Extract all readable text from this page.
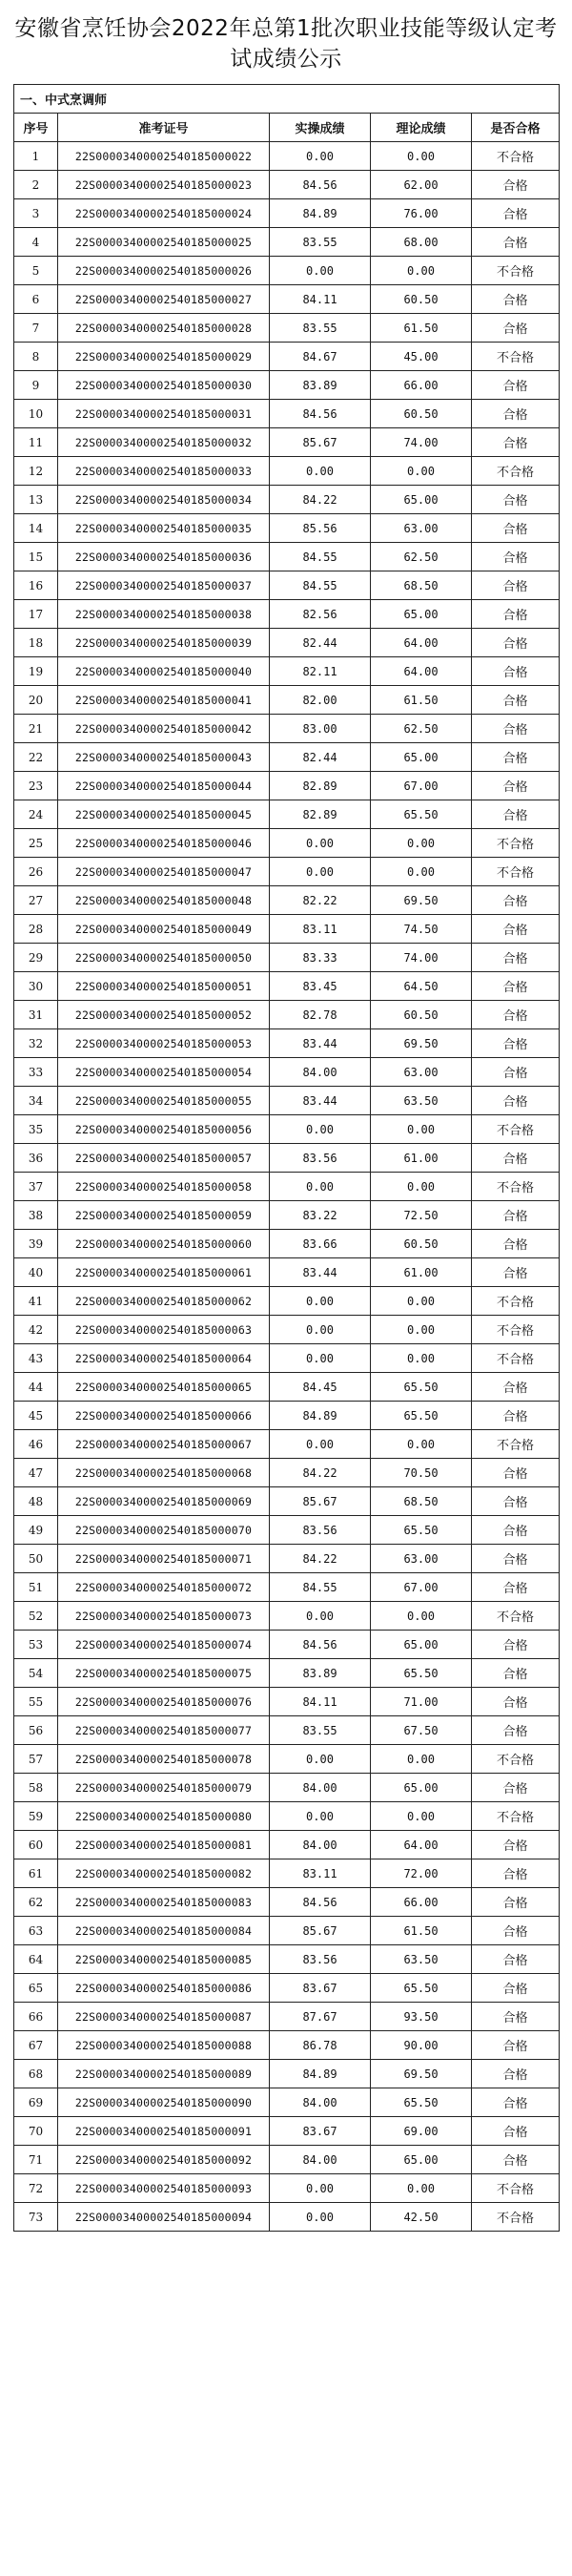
安徽省烹饪协会2022年总第1批次职业技能等级认定考试成绩公示
一、中式烹调师				
序号	准考证号	实操成绩	理论成绩	是否合格
1	22S00003400002540185000022	0.00	0.00	不合格
2	22S00003400002540185000023	84.56	62.00	合格
3	22S00003400002540185000024	84.89	76.00	合格
4	22S00003400002540185000025	83.55	68.00	合格
5	22S00003400002540185000026	0.00	0.00	不合格
6	22S00003400002540185000027	84.11	60.50	合格
7	22S00003400002540185000028	83.55	61.50	合格
8	22S00003400002540185000029	84.67	45.00	不合格
9	22S00003400002540185000030	83.89	66.00	合格
10	22S00003400002540185000031	84.56	60.50	合格
11	22S00003400002540185000032	85.67	74.00	合格
12	22S00003400002540185000033	0.00	0.00	不合格
13	22S00003400002540185000034	84.22	65.00	合格
14	22S00003400002540185000035	85.56	63.00	合格
15	22S00003400002540185000036	84.55	62.50	合格
16	22S00003400002540185000037	84.55	68.50	合格
17	22S00003400002540185000038	82.56	65.00	合格
18	22S00003400002540185000039	82.44	64.00	合格
19	22S00003400002540185000040	82.11	64.00	合格
20	22S00003400002540185000041	82.00	61.50	合格
21	22S00003400002540185000042	83.00	62.50	合格
22	22S00003400002540185000043	82.44	65.00	合格
23	22S00003400002540185000044	82.89	67.00	合格
24	22S00003400002540185000045	82.89	65.50	合格
25	22S00003400002540185000046	0.00	0.00	不合格
26	22S00003400002540185000047	0.00	0.00	不合格
27	22S00003400002540185000048	82.22	69.50	合格
28	22S00003400002540185000049	83.11	74.50	合格
29	22S00003400002540185000050	83.33	74.00	合格
30	22S00003400002540185000051	83.45	64.50	合格
31	22S00003400002540185000052	82.78	60.50	合格
32	22S00003400002540185000053	83.44	69.50	合格
33	22S00003400002540185000054	84.00	63.00	合格
34	22S00003400002540185000055	83.44	63.50	合格
35	22S00003400002540185000056	0.00	0.00	不合格
36	22S00003400002540185000057	83.56	61.00	合格
37	22S00003400002540185000058	0.00	0.00	不合格
38	22S00003400002540185000059	83.22	72.50	合格
39	22S00003400002540185000060	83.66	60.50	合格
40	22S00003400002540185000061	83.44	61.00	合格
41	22S00003400002540185000062	0.00	0.00	不合格
42	22S00003400002540185000063	0.00	0.00	不合格
43	22S00003400002540185000064	0.00	0.00	不合格
44	22S00003400002540185000065	84.45	65.50	合格
45	22S00003400002540185000066	84.89	65.50	合格
46	22S00003400002540185000067	0.00	0.00	不合格
47	22S00003400002540185000068	84.22	70.50	合格
48	22S00003400002540185000069	85.67	68.50	合格
49	22S00003400002540185000070	83.56	65.50	合格
50	22S00003400002540185000071	84.22	63.00	合格
51	22S00003400002540185000072	84.55	67.00	合格
52	22S00003400002540185000073	0.00	0.00	不合格
53	22S00003400002540185000074	84.56	65.00	合格
54	22S00003400002540185000075	83.89	65.50	合格
55	22S00003400002540185000076	84.11	71.00	合格
56	22S00003400002540185000077	83.55	67.50	合格
57	22S00003400002540185000078	0.00	0.00	不合格
58	22S00003400002540185000079	84.00	65.00	合格
59	22S00003400002540185000080	0.00	0.00	不合格
60	22S00003400002540185000081	84.00	64.00	合格
61	22S00003400002540185000082	83.11	72.00	合格
62	22S00003400002540185000083	84.56	66.00	合格
63	22S00003400002540185000084	85.67	61.50	合格
64	22S00003400002540185000085	83.56	63.50	合格
65	22S00003400002540185000086	83.67	65.50	合格
66	22S00003400002540185000087	87.67	93.50	合格
67	22S00003400002540185000088	86.78	90.00	合格
68	22S00003400002540185000089	84.89	69.50	合格
69	22S00003400002540185000090	84.00	65.50	合格
70	22S00003400002540185000091	83.67	69.00	合格
71	22S00003400002540185000092	84.00	65.00	合格
72	22S00003400002540185000093	0.00	0.00	不合格
73	22S00003400002540185000094	0.00	42.50	不合格
